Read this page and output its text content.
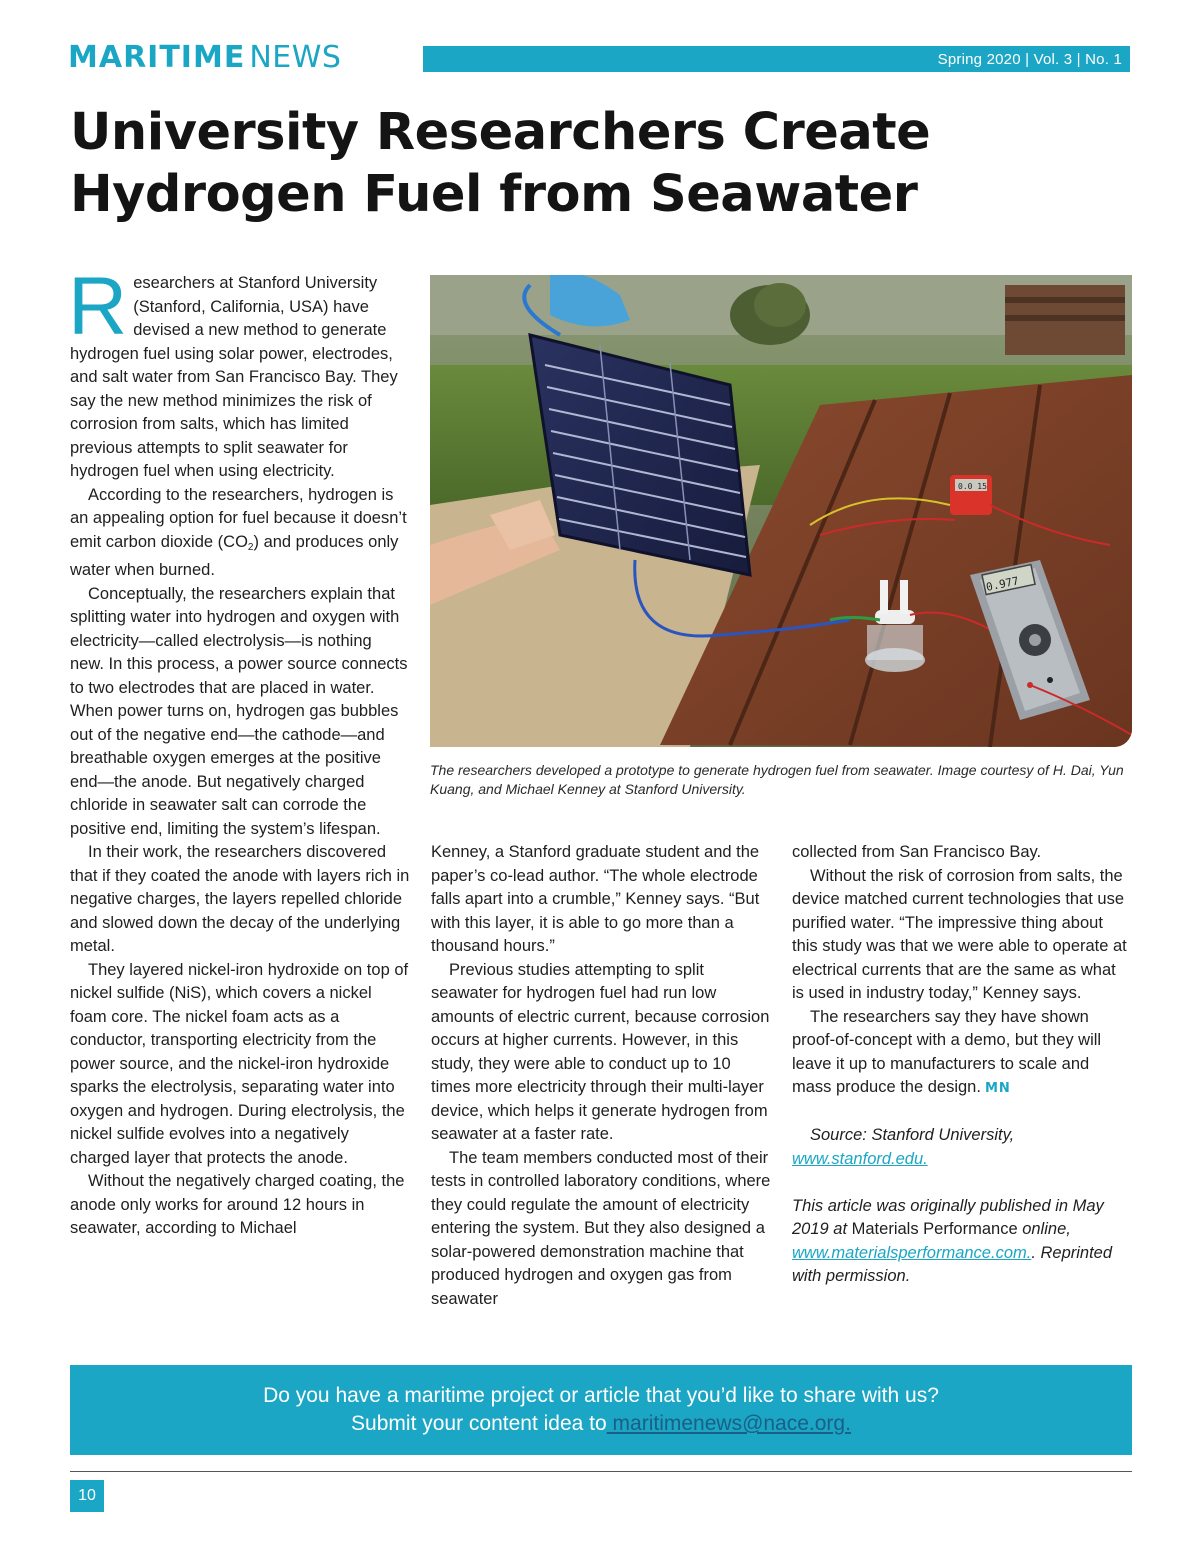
Spring 2020 | Vol. 3 | No. 1
MARITIME NEWS
University Researchers Create Hydrogen Fuel from Seawater

Researchers at Stanford University (Stanford, California, USA) have devised a new method to generate hydrogen fuel using solar power, electrodes, and salt water from San Francisco Bay. They say the new method minimizes the risk of corrosion from salts, which has limited previous attempts to split seawater for hydrogen fuel when using electricity.

According to the researchers, hydrogen is an appealing option for fuel because it doesn’t emit carbon dioxide $(CO_2)$ and produces only water when burned.

Conceptually, the researchers explain that splitting water into hydrogen and oxygen with electricity—called electrolysis—is nothing new. In this process, a power source connects to two electrodes that are placed in water. When power turns on, hydrogen gas bubbles out of the negative end—the cathode—and breathable oxygen emerges at the positive end—the anode. But negatively charged chloride in seawater salt can corrode the positive end, limiting the system’s lifespan.

In their work, the researchers discovered that if they coated the anode with layers rich in negative charges, the layers repelled chloride and slowed down the decay of the underlying metal.

They layered nickel-iron hydroxide on top of nickel sulfide (NiS), which covers a nickel foam core. The nickel foam acts as a conductor, transporting electricity from the power source, and the nickel-iron hydroxide sparks the electrolysis, separating water into oxygen and hydrogen. During electrolysis, the nickel sulfide evolves into a negatively charged layer that protects the anode.

Without the negatively charged coating, the anode only works for around 12 hours in seawater, according to Michael

0.0 15
0.977

The researchers developed a prototype to generate hydrogen fuel from seawater. Image courtesy of H. Dai, Yun Kuang, and Michael Kenney at Stanford University.

Kenney, a Stanford graduate student and the paper’s co-lead author. “The whole electrode falls apart into a crumble,” Kenney says. “But with this layer, it is able to go more than a thousand hours.”

Previous studies attempting to split seawater for hydrogen fuel had run low amounts of electric current, because corrosion occurs at higher currents. However, in this study, they were able to conduct up to 10 times more electricity through their multi-layer device, which helps it generate hydrogen from seawater at a faster rate.

The team members conducted most of their tests in controlled laboratory conditions, where they could regulate the amount of electricity entering the system. But they also designed a solar-powered demonstration machine that produced hydrogen and oxygen gas from seawater

collected from San Francisco Bay.

Without the risk of corrosion from salts, the device matched current technologies that use purified water. “The impressive thing about this study was that we were able to operate at electrical currents that are the same as what is used in industry today,” Kenney says.

The researchers say they have shown proof-of-concept with a demo, but they will leave it up to manufacturers to scale and mass produce the design. MN

Source: Stanford University, www.stanford.edu.

This article was originally published in May 2019 at Materials Performance online, www.materialsperformance.com.. Reprinted with permission.

Do you have a maritime project or article that you’d like to share with us?
Submit your content idea to maritimenews@nace.org.
10
